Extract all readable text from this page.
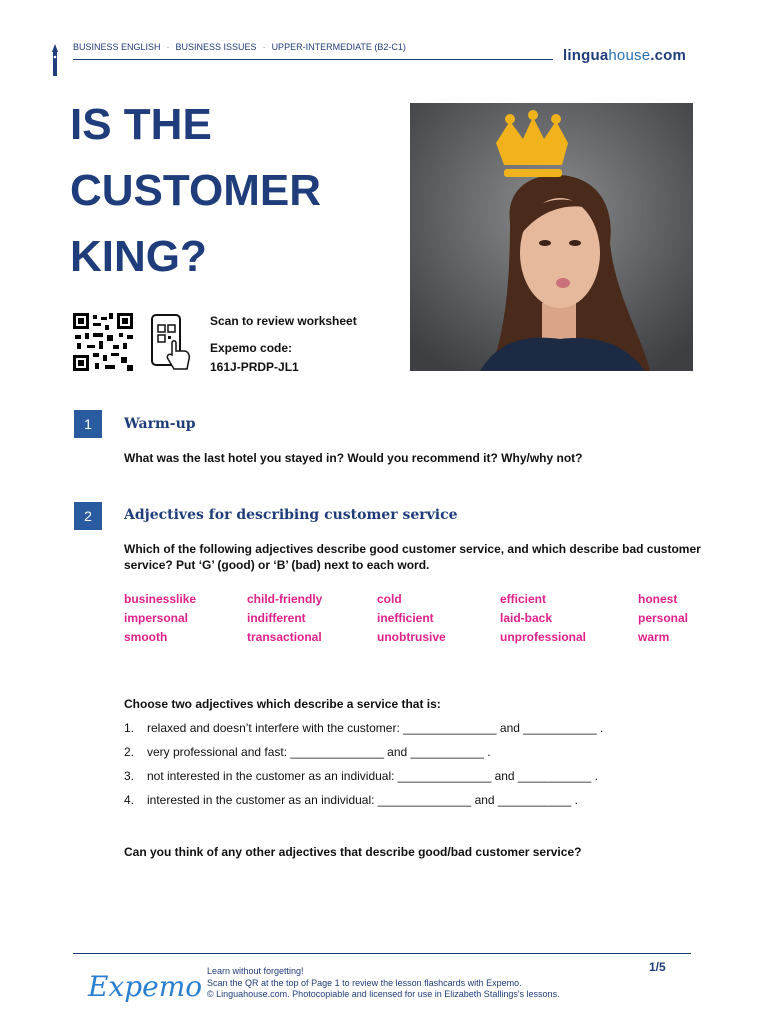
BUSINESS ENGLISH · BUSINESS ISSUES · UPPER-INTERMEDIATE (B2-C1)	linguahouse.com
IS THE
CUSTOMER
KING?
Scan to review worksheet
Expemo code:
161J-PRDP-JL1
1	Warm-up
What was the last hotel you stayed in? Would you recommend it? Why/why not?
2	Adjectives for describing customer service
Which of the following adjectives describe good customer service, and which describe bad customer
service? Put ‘G’ (good) or ‘B’ (bad) next to each word.
businesslike	child-friendly	cold	efficient	honest
impersonal	indifferent	inefficient	laid-back	personal
smooth	transactional	unobtrusive	unprofessional	warm
Choose two adjectives which describe a service that is:
1. relaxed and doesn’t interfere with the customer: ______________ and ___________ .
2. very professional and fast: ______________ and ___________ .
3. not interested in the customer as an individual: ______________ and ___________ .
4. interested in the customer as an individual: ______________ and ___________ .
Can you think of any other adjectives that describe good/bad customer service?
Expemo Learn without forgetting!
Scan the QR at the top of Page 1 to review the lesson flashcards with Expemo.
© Linguahouse.com. Photocopiable and licensed for use in Elizabeth Stallings's lessons.
1/5
